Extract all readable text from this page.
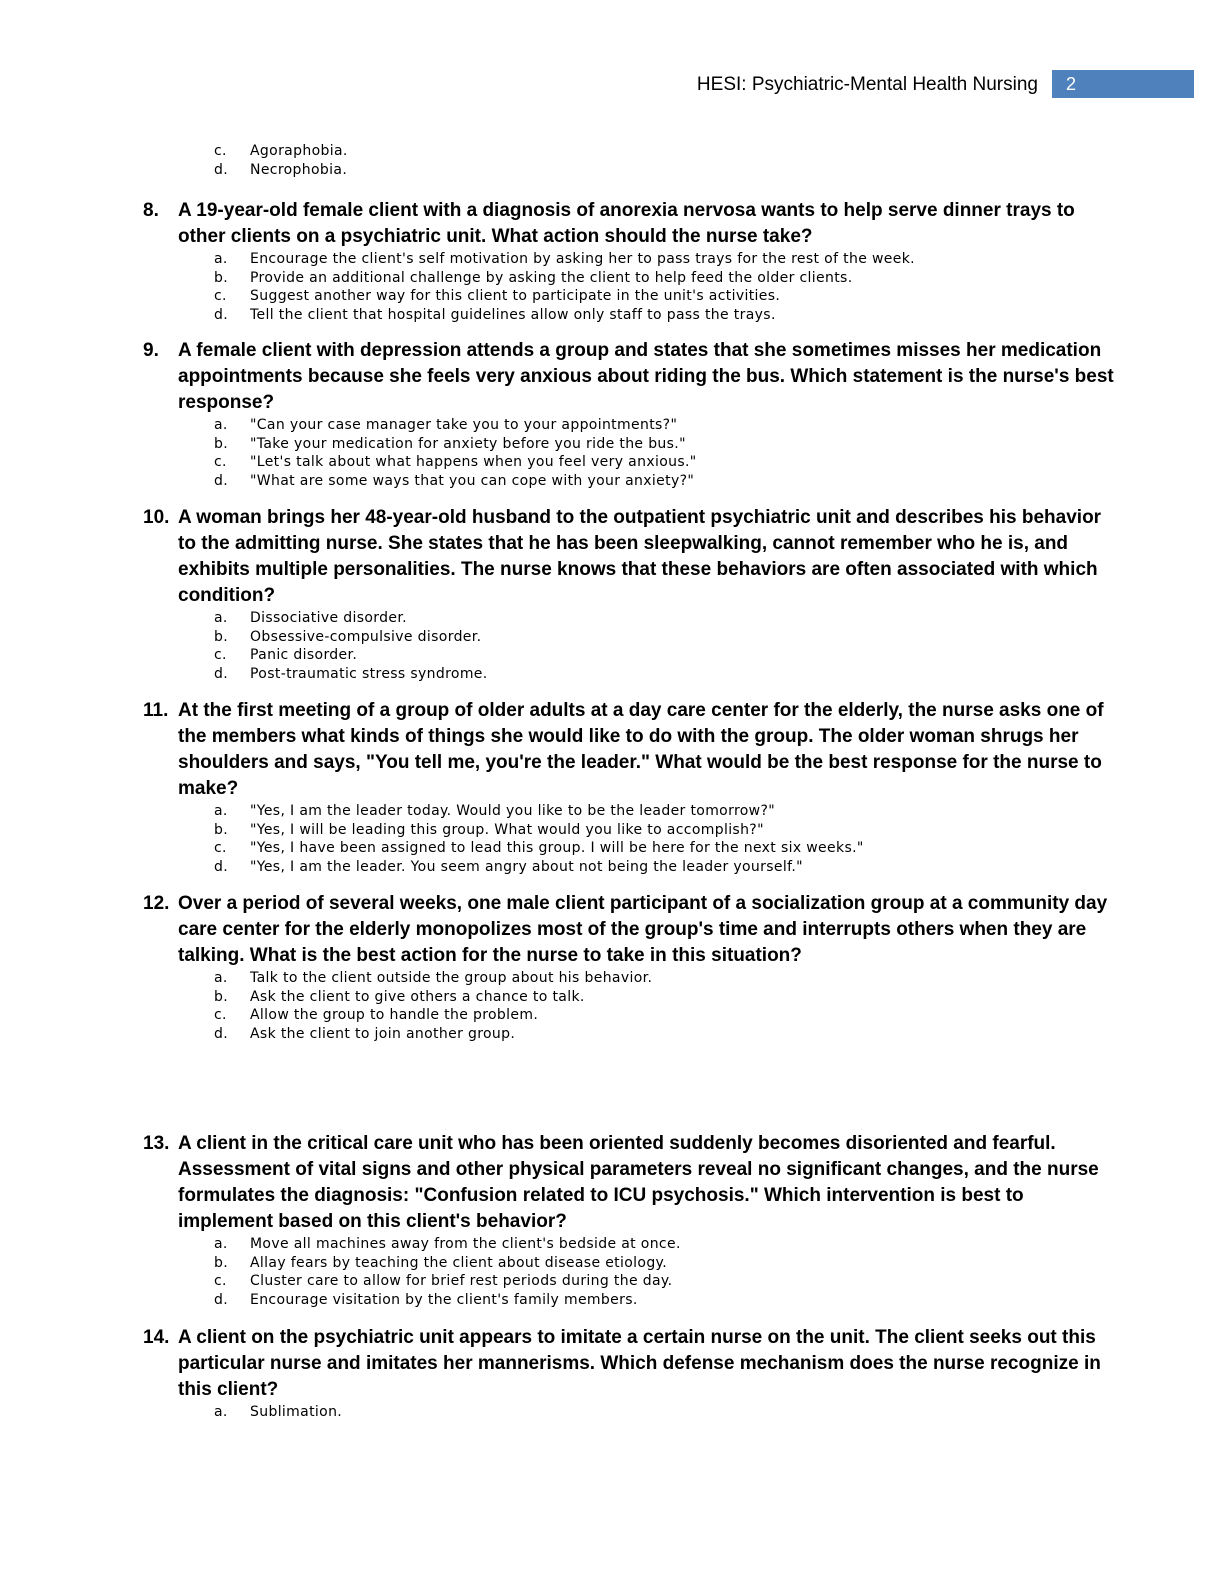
HESI: Psychiatric-Mental Health Nursing	2
c. Agoraphobia.
d. Necrophobia.
8. A 19-year-old female client with a diagnosis of anorexia nervosa wants to help serve dinner trays to other clients on a psychiatric unit. What action should the nurse take?

a. Encourage the client's self motivation by asking her to pass trays for the rest of the week.
b. Provide an additional challenge by asking the client to help feed the older clients.
c. Suggest another way for this client to participate in the unit's activities.
d. Tell the client that hospital guidelines allow only staff to pass the trays.
9. A female client with depression attends a group and states that she sometimes misses her medication appointments because she feels very anxious about riding the bus. Which statement is the nurse's best response?

a. "Can your case manager take you to your appointments?"
b. "Take your medication for anxiety before you ride the bus."
c. "Let's talk about what happens when you feel very anxious."
d. "What are some ways that you can cope with your anxiety?"
10. A woman brings her 48-year-old husband to the outpatient psychiatric unit and describes his behavior to the admitting nurse. She states that he has been sleepwalking, cannot remember who he is, and exhibits multiple personalities. The nurse knows that these behaviors are often associated with which condition?

a. Dissociative disorder.
b. Obsessive-compulsive disorder.
c. Panic disorder.
d. Post-traumatic stress syndrome.
11. At the first meeting of a group of older adults at a day care center for the elderly, the nurse asks one of the members what kinds of things she would like to do with the group. The older woman shrugs her shoulders and says, "You tell me, you're the leader." What would be the best response for the nurse to make?

a. "Yes, I am the leader today. Would you like to be the leader tomorrow?"
b. "Yes, I will be leading this group. What would you like to accomplish?"
c. "Yes, I have been assigned to lead this group. I will be here for the next six weeks."
d. "Yes, I am the leader. You seem angry about not being the leader yourself."
12. Over a period of several weeks, one male client participant of a socialization group at a community day care center for the elderly monopolizes most of the group's time and interrupts others when they are talking. What is the best action for the nurse to take in this situation?

a. Talk to the client outside the group about his behavior.
b. Ask the client to give others a chance to talk.
c. Allow the group to handle the problem.
d. Ask the client to join another group.
13. A client in the critical care unit who has been oriented suddenly becomes disoriented and fearful. Assessment of vital signs and other physical parameters reveal no significant changes, and the nurse formulates the diagnosis: "Confusion related to ICU psychosis." Which intervention is best to implement based on this client's behavior?

a. Move all machines away from the client's bedside at once.
b. Allay fears by teaching the client about disease etiology.
c. Cluster care to allow for brief rest periods during the day.
d. Encourage visitation by the client's family members.
14. A client on the psychiatric unit appears to imitate a certain nurse on the unit. The client seeks out this particular nurse and imitates her mannerisms. Which defense mechanism does the nurse recognize in this client?

a. Sublimation.
